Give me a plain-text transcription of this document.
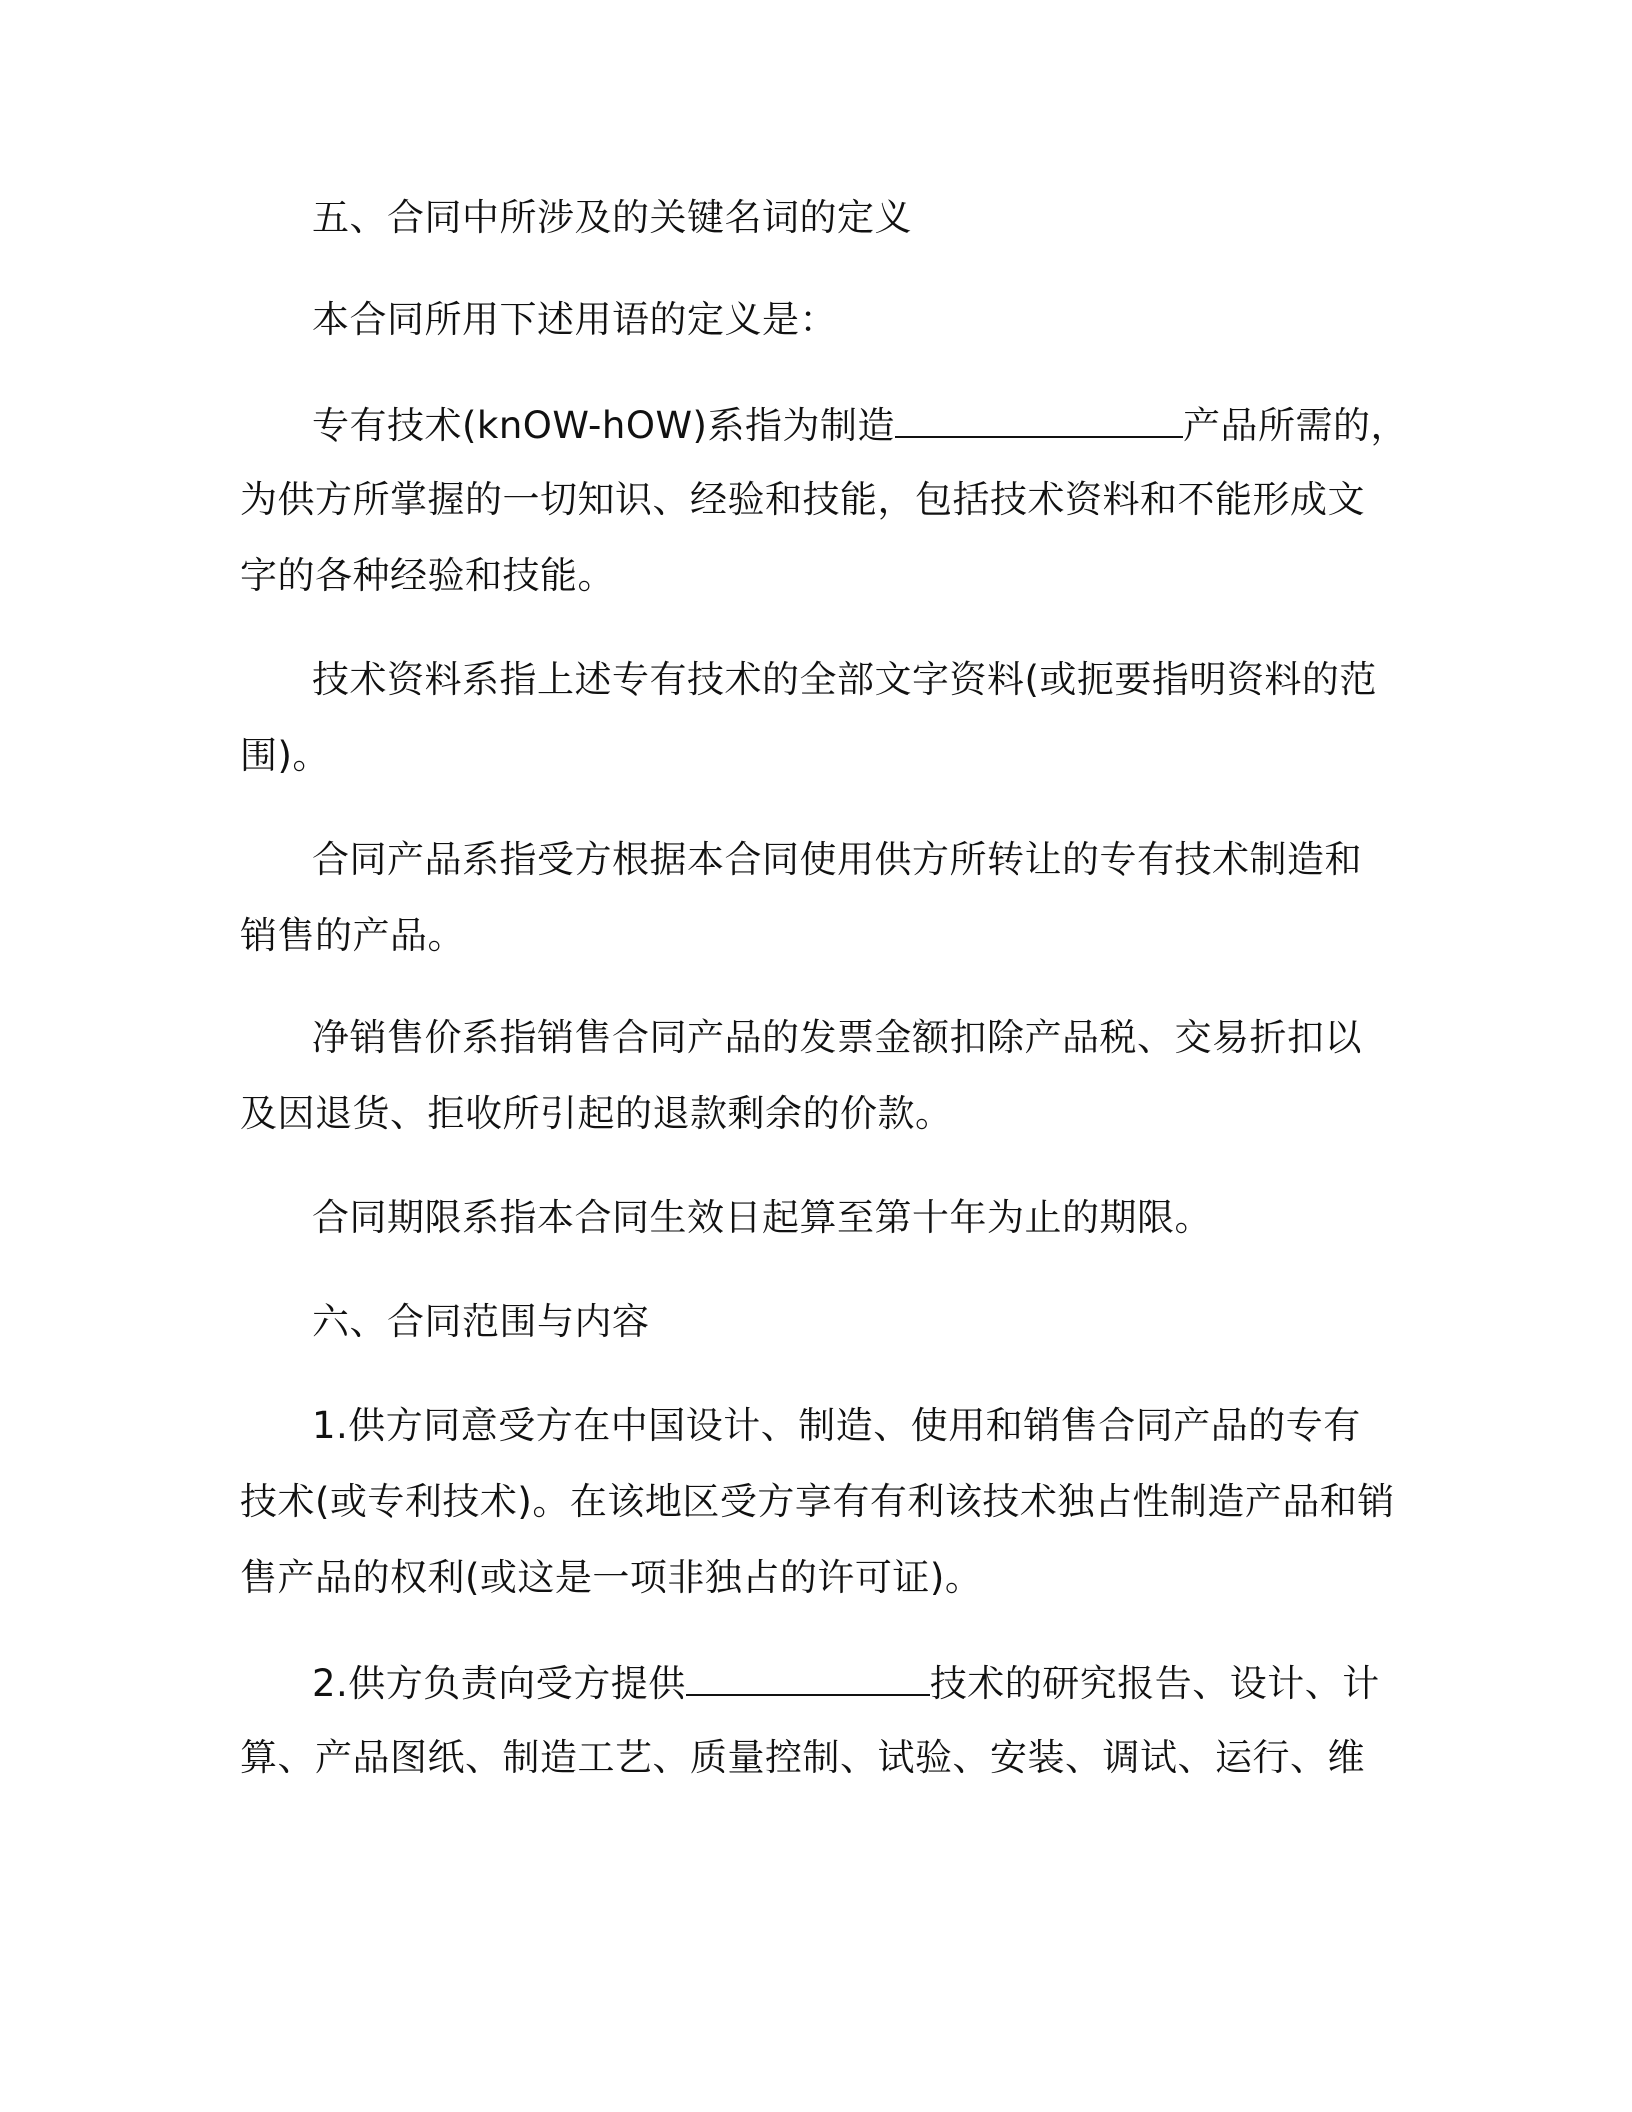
五、合同中所涉及的关键名词的定义
本合同所用下述用语的定义是：
专有技术(knOW-hOW)系指为制造	产品所需的，
为供方所掌握的一切知识、经验和技能，包括技术资料和不能形成文
字的各种经验和技能。
技术资料系指上述专有技术的全部文字资料(或扼要指明资料的范
围)。
合同产品系指受方根据本合同使用供方所转让的专有技术制造和
销售的产品。
净销售价系指销售合同产品的发票金额扣除产品税、交易折扣以
及因退货、拒收所引起的退款剩余的价款。
合同期限系指本合同生效日起算至第十年为止的期限。
六、合同范围与内容
1.供方同意受方在中国设计、制造、使用和销售合同产品的专有
技术(或专利技术)。在该地区受方享有有利该技术独占性制造产品和销
售产品的权利(或这是一项非独占的许可证)。
2.供方负责向受方提供	技术的研究报告、设计、计
算、产品图纸、制造工艺、质量控制、试验、安装、调试、运行、维
